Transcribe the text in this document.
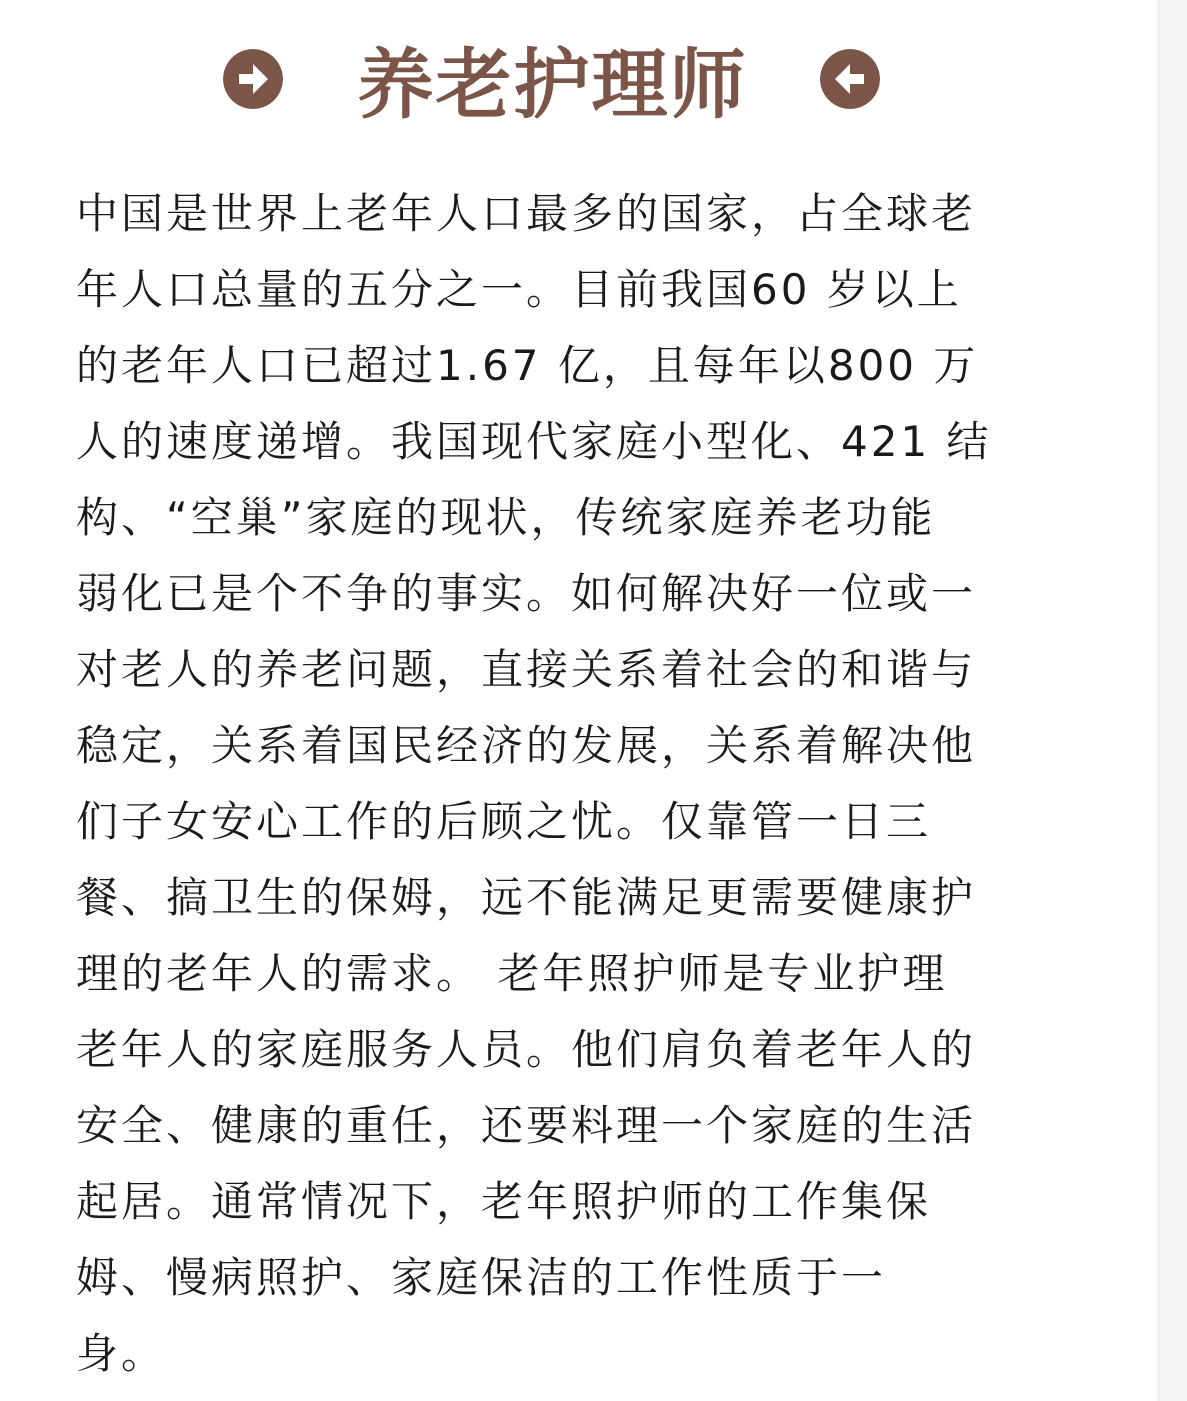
养老护理师
中国是世界上老年人口最多的国家，占全球老
年人口总量的五分之一。目前我国60 岁以上
的老年人口已超过1.67 亿，且每年以800 万
人的速度递增。我国现代家庭小型化、421 结
构、“空巢”家庭的现状，传统家庭养老功能
弱化已是个不争的事实。如何解决好一位或一
对老人的养老问题，直接关系着社会的和谐与
稳定，关系着国民经济的发展，关系着解决他
们子女安心工作的后顾之忧。仅靠管一日三
餐、搞卫生的保姆，远不能满足更需要健康护
理的老年人的需求。 老年照护师是专业护理
老年人的家庭服务人员。他们肩负着老年人的
安全、健康的重任，还要料理一个家庭的生活
起居。通常情况下，老年照护师的工作集保
姆、慢病照护、家庭保洁的工作性质于一
身。
